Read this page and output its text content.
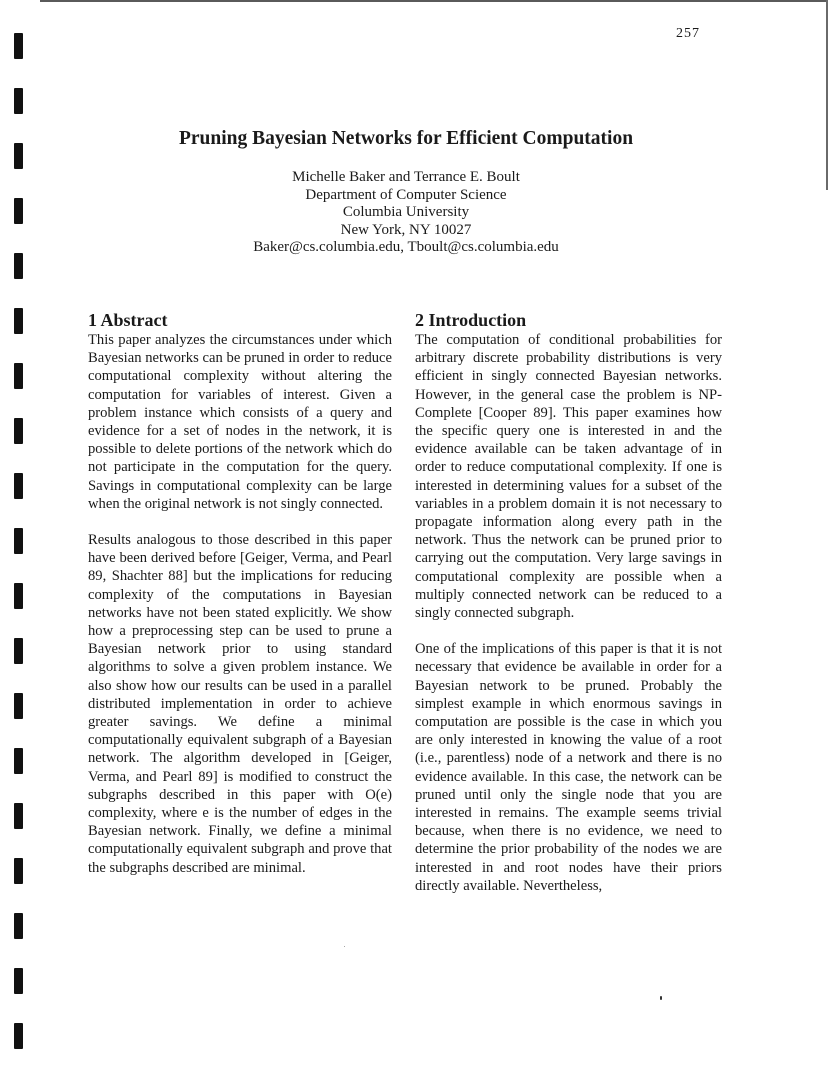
257
Pruning Bayesian Networks for Efficient Computation
Michelle Baker and Terrance E. Boult
Department of Computer Science
Columbia University
New York, NY 10027
Baker@cs.columbia.edu, Tboult@cs.columbia.edu
1 Abstract

This paper analyzes the circumstances under which Bayesian networks can be pruned in order to reduce computational complexity without altering the computation for variables of interest. Given a problem instance which consists of a query and evidence for a set of nodes in the network, it is possible to delete portions of the network which do not participate in the computation for the query. Savings in computational complexity can be large when the original network is not singly connected.

Results analogous to those described in this paper have been derived before [Geiger, Verma, and Pearl 89, Shachter 88] but the implications for reducing complexity of the computations in Bayesian networks have not been stated explicitly. We show how a preprocessing step can be used to prune a Bayesian network prior to using standard algorithms to solve a given problem instance. We also show how our results can be used in a parallel distributed implementation in order to achieve greater savings. We define a minimal computationally equivalent subgraph of a Bayesian network. The algorithm developed in [Geiger, Verma, and Pearl 89] is modified to construct the subgraphs described in this paper with O(e) complexity, where e is the number of edges in the Bayesian network. Finally, we define a minimal computationally equivalent subgraph and prove that the subgraphs described are minimal.

2 Introduction

The computation of conditional probabilities for arbitrary discrete probability distributions is very efficient in singly connected Bayesian networks. However, in the general case the problem is NP-Complete [Cooper 89]. This paper examines how the specific query one is interested in and the evidence available can be taken advantage of in order to reduce computational complexity. If one is interested in determining values for a subset of the variables in a problem domain it is not necessary to propagate information along every path in the network. Thus the network can be pruned prior to carrying out the computation. Very large savings in computational complexity are possible when a multiply connected network can be reduced to a singly connected subgraph.

One of the implications of this paper is that it is not necessary that evidence be available in order for a Bayesian network to be pruned. Probably the simplest example in which enormous savings in computation are possible is the case in which you are only interested in knowing the value of a root (i.e., parentless) node of a network and there is no evidence available. In this case, the network can be pruned until only the single node that you are interested in remains. The example seems trivial because, when there is no evidence, we need to determine the prior probability of the nodes we are interested in and root nodes have their priors directly available. Nevertheless,
